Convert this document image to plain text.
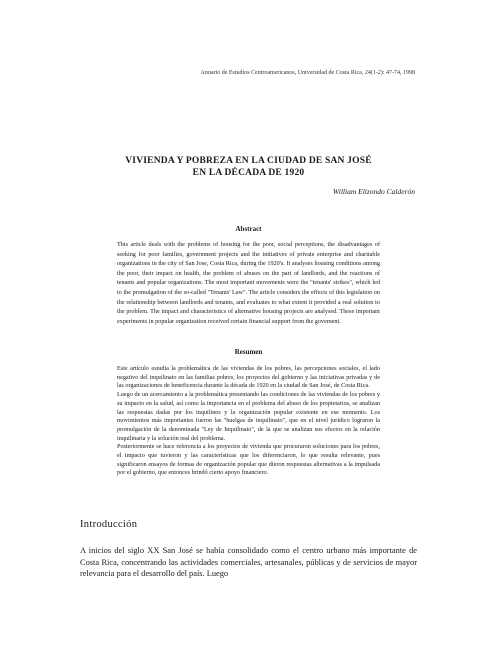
Anuario de Estudios Centroamericanos, Universidad de Costa Rica, 24(1-2): 47-74, 1998
VIVIENDA Y POBREZA EN LA CIUDAD DE SAN JOSÉ
EN LA DÉCADA DE 1920
William Elizondo Calderón
Abstract
This article deals with the problems of housing for the poor, social perceptions, the disadvantages of seeking for poor families, government projects and the initiatives of private enterprise and charitable organizations in the city of San Jose, Costa Rica, during the 1920's. It analyses housing conditions among the poor, their impact on health, the problem of abuses on the part of landlords, and the reactions of tenants and popular organizations. The most important movements were the "tenants' strikes", which led to the promulgation of the so-called "Tenants' Law". The article considers the effects of this legislation on the relationship between landlords and tenants, and evaluates to what extent it provided a real solution to the problem. The impact and characteristics of alternative housing projects are analysed. These important experiments in popular organization received certain financial support from the govement.
Resumen

Este artículo estudia la problemática de las viviendas de los pobres, las percepciones sociales, el lado negativo del inquilinato en las familias pobres, los proyectos del gobierno y las iniciativas privadas y de las organizaciones de beneficencia durante la década de 1920 en la ciudad de San José, de Costa Rica.

Luego de un acercamiento a la problemática presentando las condiciones de las viviendas de los pobres y su impacto en la salud, así como la importancia en el problema del abuso de los propietarios, se analizan las respuestas dadas por los inquilinos y la organización popular existente en ese momento. Los movimientos más importantes fueron las "huelgas de inquilinato", que en el nivel jurídico lograron la promulgación de la denominada "Ley de Inquilinato", de la que se analizan sus efectos en la relación inquilinaria y la solución real del problema.

Posteriormente se hace referencia a los proyectos de vivienda que procuraron soluciones para los pobres, el impacto que tuvieron y las características que los diferenciaron, lo que resulta relevante, pues significaron ensayos de formas de organización popular que dieron respuestas alternativas a la impulsada por el gobierno, que entonces brindó cierto apoyo financiero.

Introducción

A inicios del siglo XX San José se había consolidado como el centro urbano más importante de Costa Rica, concentrando las actividades comerciales, artesanales, públicas y de servicios de mayor relevancia para el desarrollo del país. Luego
